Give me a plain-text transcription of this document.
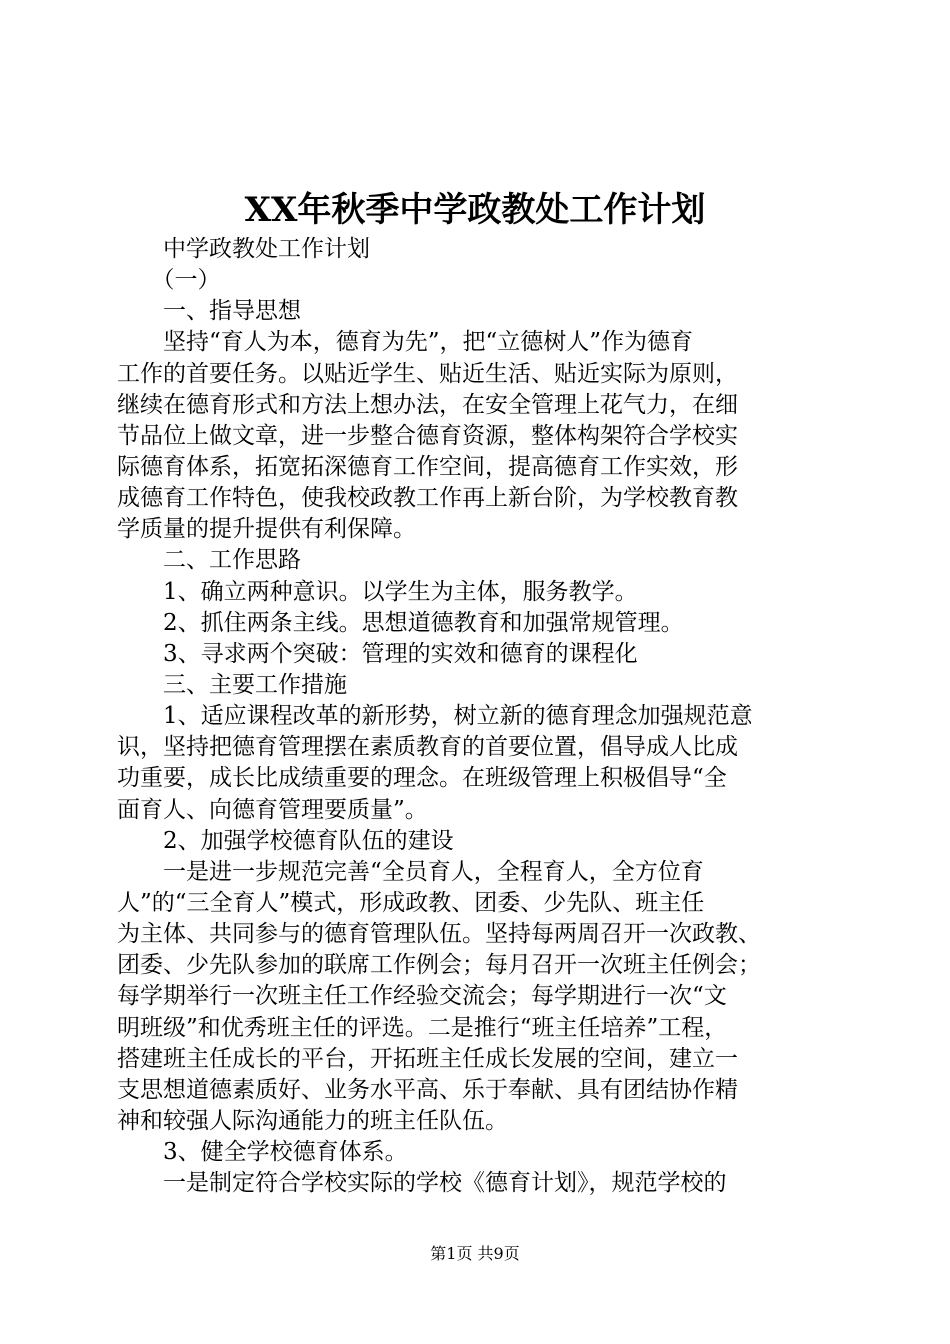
XX年秋季中学政教处工作计划
　　中学政教处工作计划
　　（一）
　　一、指导思想
　　坚持“育人为本，德育为先”，把“立德树人”作为德育
工作的首要任务。以贴近学生、贴近生活、贴近实际为原则，
继续在德育形式和方法上想办法，在安全管理上花气力，在细
节品位上做文章，进一步整合德育资源，整体构架符合学校实
际德育体系，拓宽拓深德育工作空间，提高德育工作实效，形
成德育工作特色，使我校政教工作再上新台阶，为学校教育教
学质量的提升提供有利保障。
　　二、工作思路
　　1、确立两种意识。以学生为主体，服务教学。
　　2、抓住两条主线。思想道德教育和加强常规管理。
　　3、寻求两个突破：管理的实效和德育的课程化
　　三、主要工作措施
　　1、适应课程改革的新形势，树立新的德育理念加强规范意
识，坚持把德育管理摆在素质教育的首要位置，倡导成人比成
功重要，成长比成绩重要的理念。在班级管理上积极倡导“全
面育人、向德育管理要质量”。
　　2、加强学校德育队伍的建设
　　一是进一步规范完善“全员育人，全程育人，全方位育
人”的“三全育人”模式，形成政教、团委、少先队、班主任
为主体、共同参与的德育管理队伍。坚持每两周召开一次政教、
团委、少先队参加的联席工作例会；每月召开一次班主任例会；
每学期举行一次班主任工作经验交流会；每学期进行一次“文
明班级”和优秀班主任的评选。二是推行“班主任培养”工程，
搭建班主任成长的平台，开拓班主任成长发展的空间，建立一
支思想道德素质好、业务水平高、乐于奉献、具有团结协作精
神和较强人际沟通能力的班主任队伍。
　　3、健全学校德育体系。
　　一是制定符合学校实际的学校《德育计划》，规范学校的
第1页 共9页
